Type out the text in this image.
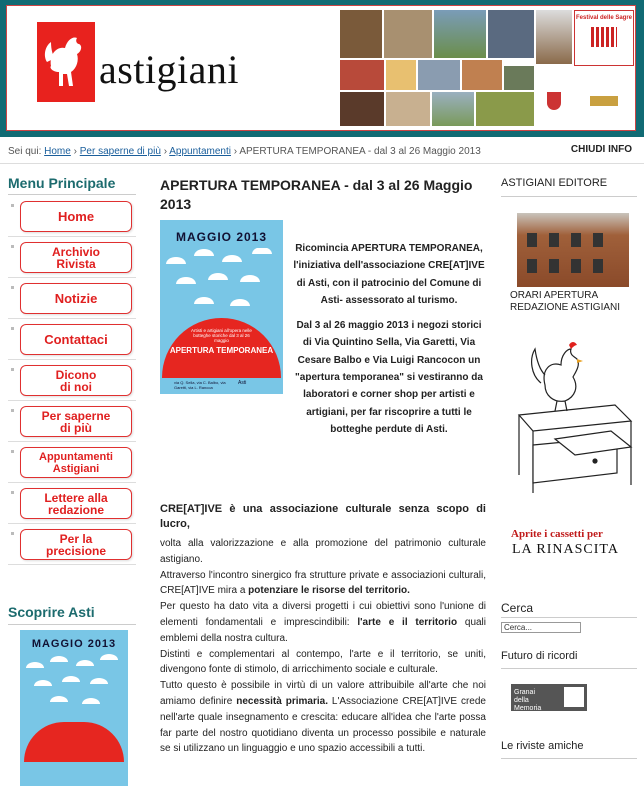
astigiani
Festival delle Sagre
Sei qui: Home › Per saperne di più › Appuntamenti › APERTURA TEMPORANEA - dal 3 al 26 Maggio 2013	CHIUDI INFO
Menu Principale
Home
Archivio Rivista
Notizie
Contattaci
Dicono di noi
Per saperne di più
Appuntamenti Astigiani
Lettere alla redazione
Per la precisione
Scoprire Asti
MAGGIO 2013
APERTURA TEMPORANEA - dal 3 al 26 Maggio 2013
MAGGIO 2013
Artisti e artigiani all'opera nelle botteghe storiche dal 3 al 26 maggio
APERTURA TEMPORANEA
via Q. Sella, via C. Balbo, via Garetti, via L. Rancoa
Asti
Ricomincia APERTURA TEMPORANEA, l'iniziativa dell'associazione CRE[AT]IVE di Asti, con il patrocinio del Comune di Asti- assessorato al turismo.
Dal 3 al 26 maggio 2013 i negozi storici di Via Quintino Sella, Via Garetti, Via Cesare Balbo e Via Luigi Rancocon un "apertura temporanea" si vestiranno da laboratori e corner shop per artisti e artigiani, per far riscoprire a tutti le botteghe perdute di Asti.
CRE[AT]IVE è una associazione culturale senza scopo di lucro,

volta alla valorizzazione e alla promozione del patrimonio culturale astigiano.

Attraverso l'incontro sinergico fra strutture private e associazioni culturali, CRE[AT]IVE mira a potenziare le risorse del territorio.

Per questo ha dato vita a diversi progetti i cui obiettivi sono l'unione di elementi fondamentali e imprescindibili: l'arte e il territorio quali emblemi della nostra cultura.

Distinti e complementari al contempo, l'arte e il territorio, se uniti, divengono fonte di stimolo, di arricchimento sociale e culturale.

Tutto questo è possibile in virtù di un valore attribuibile all'arte che noi amiamo definire necessità primaria. L'Associazione CRE[AT]IVE crede nell'arte quale insegnamento e crescita: educare all'idea che l'arte possa far parte del nostro quotidiano diventa un processo possibile e naturale se si utilizzano un linguaggio e uno spazio accessibili a tutti.

ASTIGIANI EDITORE
ORARI APERTURA REDAZIONE ASTIGIANI
Aprite i cassetti per
LA RINASCITA
Cerca
Cerca...
Futuro di ricordi
Granai della Memoria
Le riviste amiche
